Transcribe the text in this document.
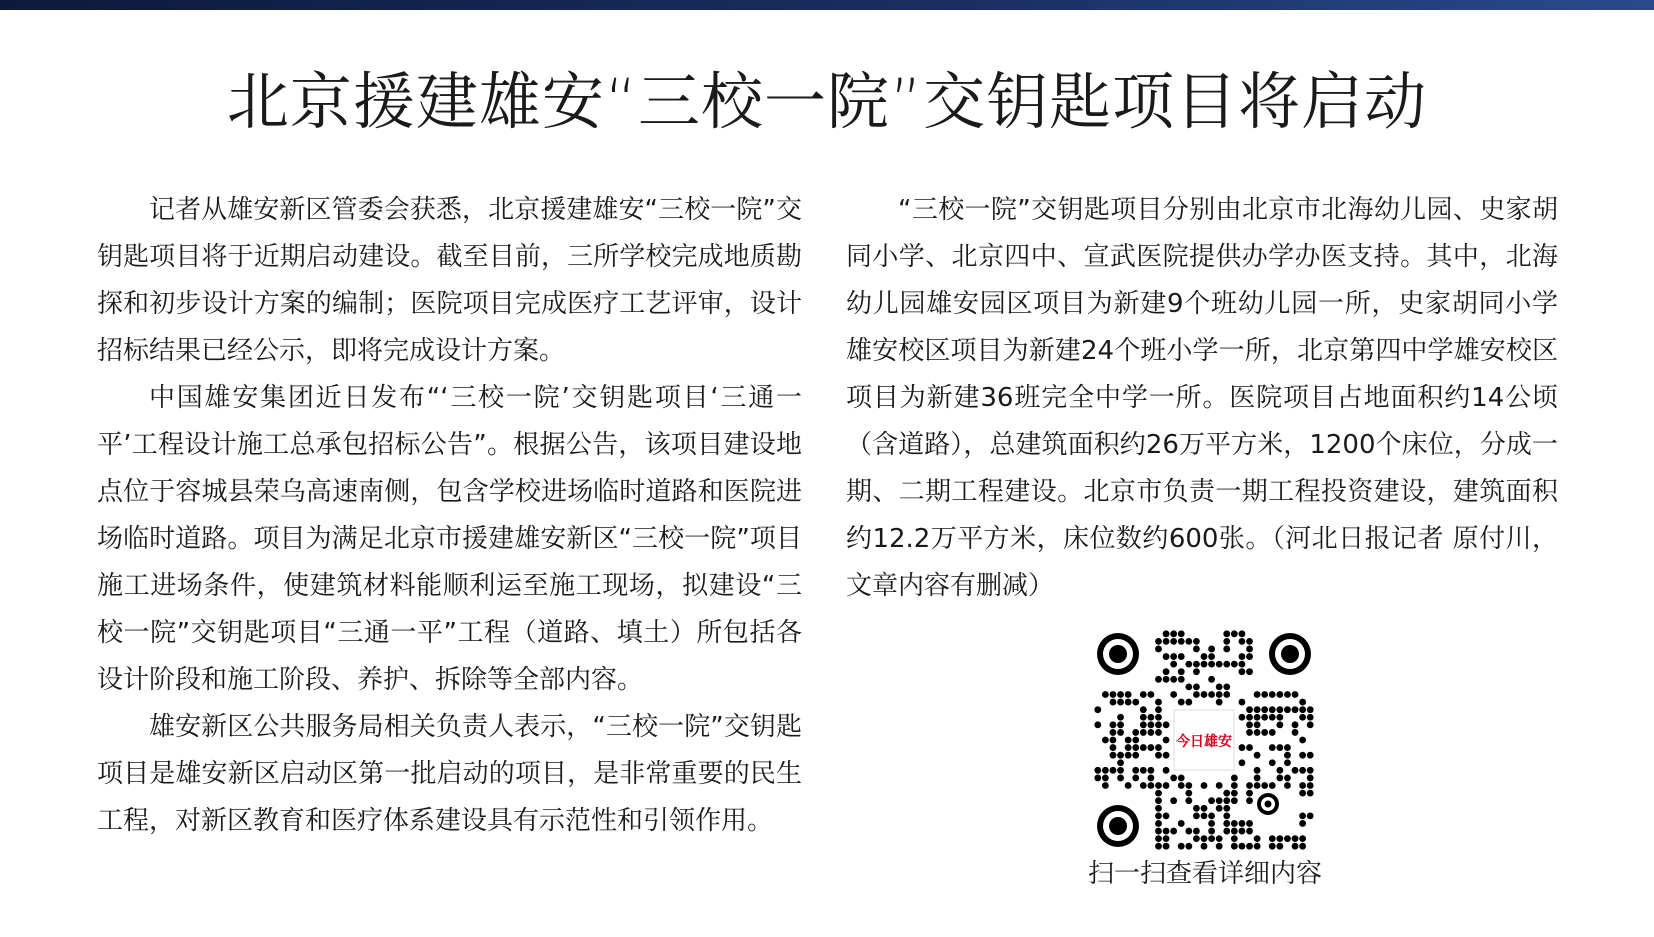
北京援建雄安“三校一院”交钥匙项目将启动

记者从雄安新区管委会获悉，北京援建雄安“三校一院”交钥匙项目将于近期启动建设。截至目前，三所学校完成地质勘探和初步设计方案的编制；医院项目完成医疗工艺评审，设计招标结果已经公示，即将完成设计方案。

中国雄安集团近日发布“‘三校一院’交钥匙项目‘三通一平’工程设计施工总承包招标公告”。根据公告，该项目建设地点位于容城县荣乌高速南侧，包含学校进场临时道路和医院进场临时道路。项目为满足北京市援建雄安新区“三校一院”项目施工进场条件，使建筑材料能顺利运至施工现场，拟建设“三校一院”交钥匙项目“三通一平”工程（道路、填土）所包括各设计阶段和施工阶段、养护、拆除等全部内容。

雄安新区公共服务局相关负责人表示，“三校一院”交钥匙项目是雄安新区启动区第一批启动的项目，是非常重要的民生工程，对新区教育和医疗体系建设具有示范性和引领作用。

“三校一院”交钥匙项目分别由北京市北海幼儿园、史家胡同小学、北京四中、宣武医院提供办学办医支持。其中，北海幼儿园雄安园区项目为新建9个班幼儿园一所，史家胡同小学雄安校区项目为新建24个班小学一所，北京第四中学雄安校区项目为新建36班完全中学一所。医院项目占地面积约14公顷（含道路），总建筑面积约26万平方米，1200个床位，分成一期、二期工程建设。北京市负责一期工程投资建设，建筑面积约12.2万平方米，床位数约600张。（河北日报记者 原付川，文章内容有删减）

今日雄安
扫一扫查看详细内容
